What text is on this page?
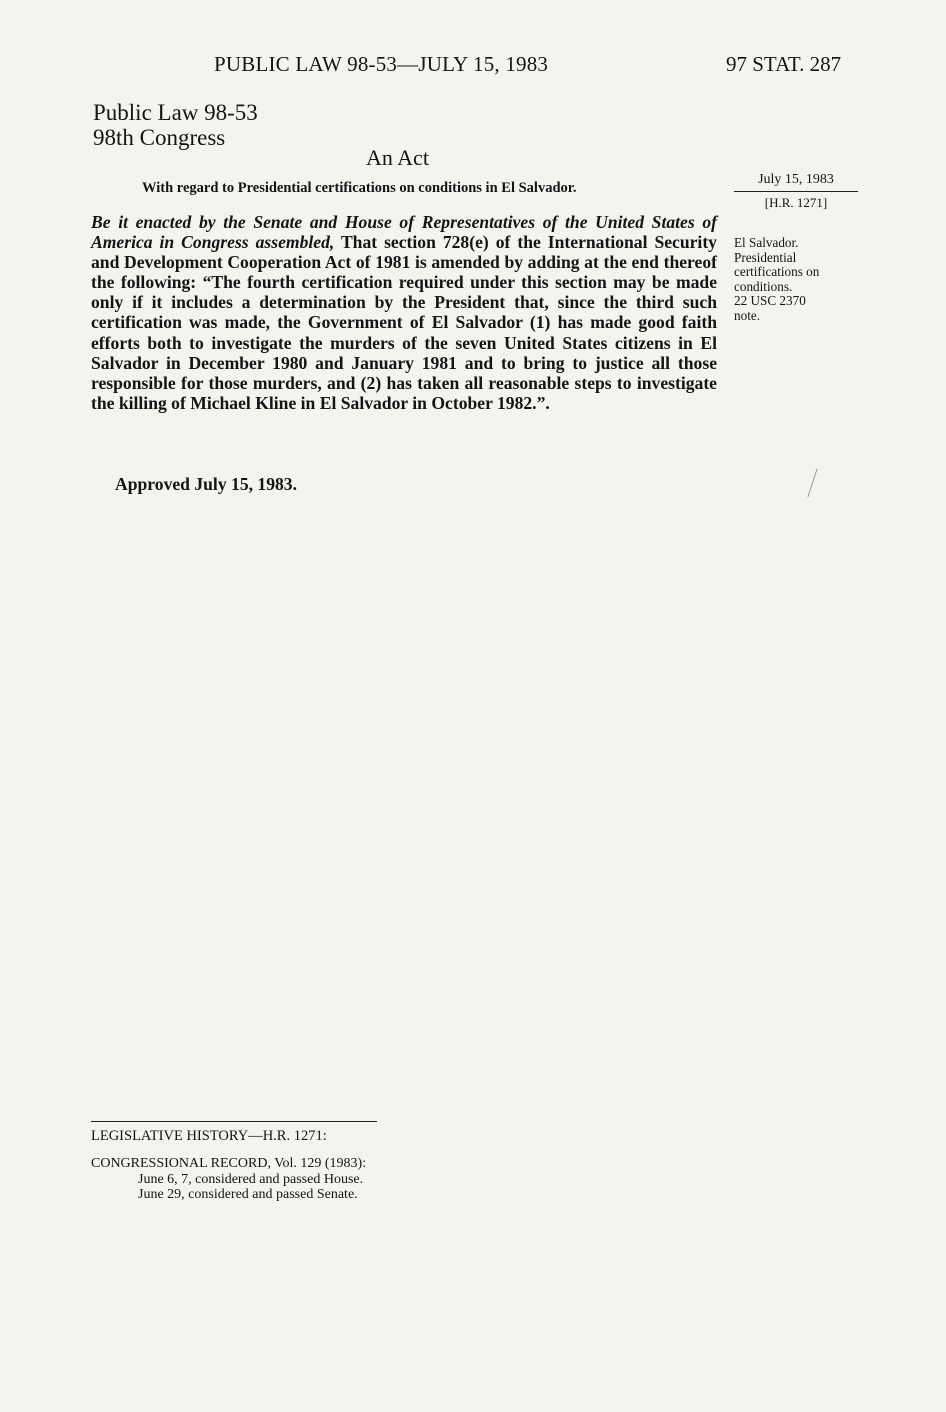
PUBLIC LAW 98-53—JULY 15, 1983	97 STAT. 287
Public Law 98-53
98th Congress
An Act
With regard to Presidential certifications on conditions in El Salvador.
July 15, 1983
[H.R. 1271]
El Salvador.
Presidential
certifications on
conditions.
22 USC 2370
note.
Be it enacted by the Senate and House of Representatives of the United States of America in Congress assembled, That section 728(e) of the International Security and Development Cooperation Act of 1981 is amended by adding at the end thereof the following: “The fourth certification required under this section may be made only if it includes a determination by the President that, since the third such certification was made, the Government of El Salvador (1) has made good faith efforts both to investigate the murders of the seven United States citizens in El Salvador in December 1980 and January 1981 and to bring to justice all those responsible for those murders, and (2) has taken all reasonable steps to investigate the killing of Michael Kline in El Salvador in October 1982.”.
Approved July 15, 1983.
LEGISLATIVE HISTORY—H.R. 1271:
CONGRESSIONAL RECORD, Vol. 129 (1983):
June 6, 7, considered and passed House.
June 29, considered and passed Senate.
